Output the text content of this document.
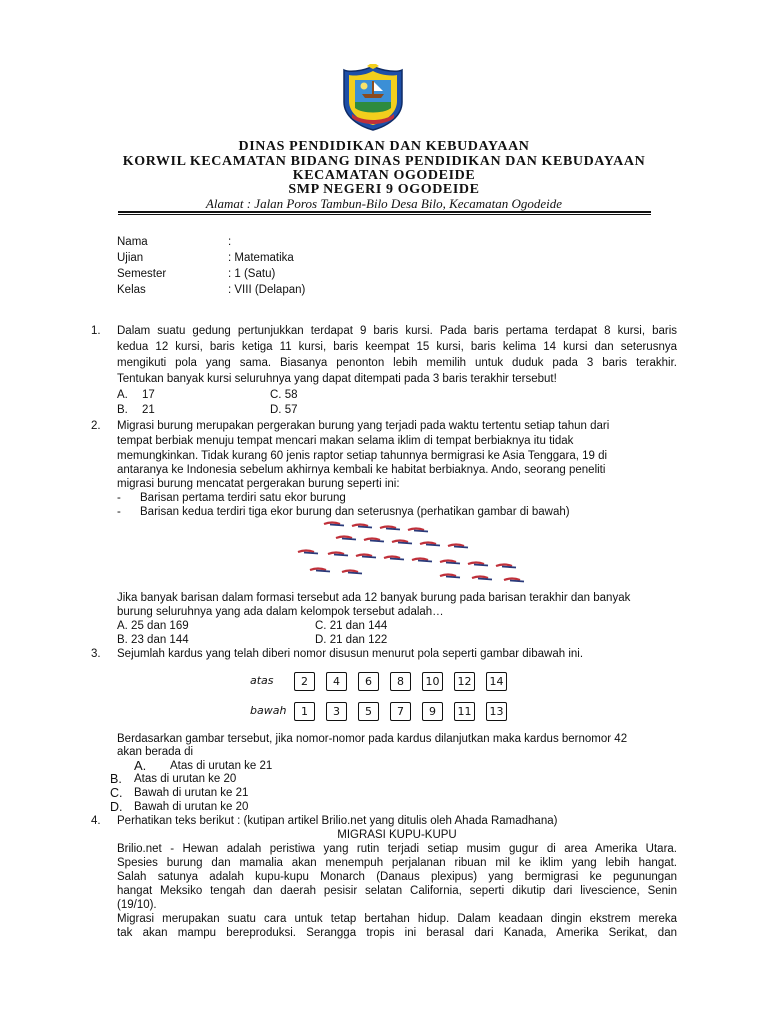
DINAS PENDIDIKAN DAN KEBUDAYAAN
KORWIL KECAMATAN BIDANG DINAS PENDIDIKAN DAN KEBUDAYAAN
KECAMATAN OGODEIDE
SMP NEGERI 9 OGODEIDE
Alamat : Jalan Poros Tambun-Bilo Desa Bilo, Kecamatan Ogodeide
Nama	:
Ujian	: Matematika
Semester	: 1 (Satu)
Kelas	: VIII (Delapan)
1. Dalam suatu gedung pertunjukkan terdapat 9 baris kursi. Pada baris pertama terdapat 8 kursi, baris
kedua 12 kursi, baris ketiga 11 kursi, baris keempat 15 kursi, baris kelima 14 kursi dan seterusnya
mengikuti pola yang sama. Biasanya penonton lebih memilih untuk duduk pada 3 baris terakhir.
Tentukan banyak kursi seluruhnya yang dapat ditempati pada 3 baris terakhir tersebut!
A. 17	C. 58
B. 21	D. 57
2. Migrasi burung merupakan pergerakan burung yang terjadi pada waktu tertentu setiap tahun dari
tempat berbiak menuju tempat mencari makan selama iklim di tempat berbiaknya itu tidak
memungkinkan. Tidak kurang 60 jenis raptor setiap tahunnya bermigrasi ke Asia Tenggara, 19 di
antaranya ke Indonesia sebelum akhirnya kembali ke habitat berbiaknya. Ando, seorang peneliti
migrasi burung mencatat pergerakan burung seperti ini:
- Barisan pertama terdiri satu ekor burung
- Barisan kedua terdiri tiga ekor burung dan seterusnya (perhatikan gambar di bawah)
Jika banyak barisan dalam formasi tersebut ada 12 banyak burung pada barisan terakhir dan banyak
burung seluruhnya yang ada dalam kelompok tersebut adalah…
A. 25 dan 169	C. 21 dan 144
B. 23 dan 144	D. 21 dan 122
3. Sejumlah kardus yang telah diberi nomor disusun menurut pola seperti gambar dibawah ini.
atas	2	4	6	8	10	12	14
bawah	1	3	5	7	9	11	13
Berdasarkan gambar tersebut, jika nomor-nomor pada kardus dilanjutkan maka kardus bernomor 42
akan berada di
A. Atas di urutan ke 21
B. Atas di urutan ke 20
C. Bawah di urutan ke 21
D. Bawah di urutan ke 20
4. Perhatikan teks berikut : (kutipan artikel Brilio.net yang ditulis oleh Ahada Ramadhana)
MIGRASI KUPU-KUPU
Brilio.net - Hewan adalah peristiwa yang rutin terjadi setiap musim gugur di area Amerika Utara.
Spesies burung dan mamalia akan menempuh perjalanan ribuan mil ke iklim yang lebih hangat.
Salah satunya adalah kupu-kupu Monarch (Danaus plexipus) yang bermigrasi ke pegunungan
hangat Meksiko tengah dan daerah pesisir selatan California, seperti dikutip dari livescience, Senin
(19/10).
Migrasi merupakan suatu cara untuk tetap bertahan hidup. Dalam keadaan dingin ekstrem mereka
tak akan mampu bereproduksi. Serangga tropis ini berasal dari Kanada, Amerika Serikat, dan
